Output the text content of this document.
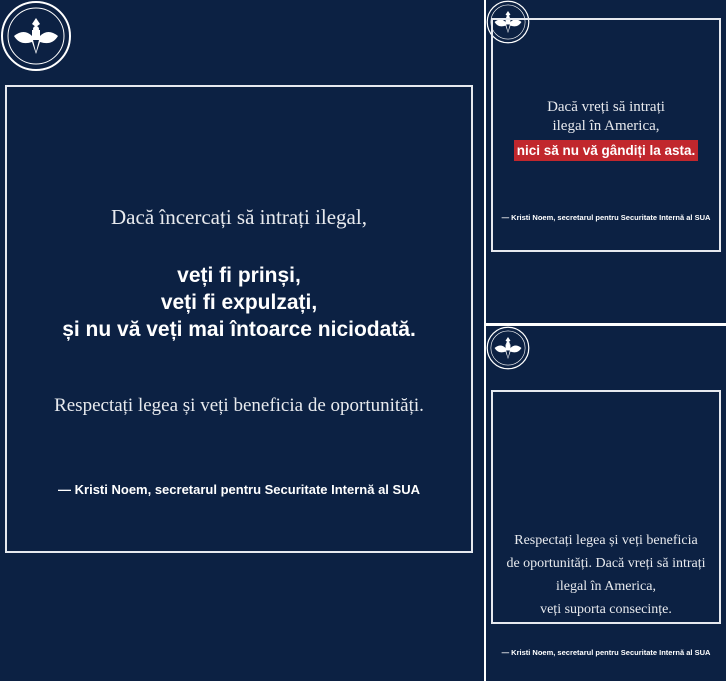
Dacă încercați să intrați ilegal,
veți fi prinși,
veți fi expulzați,
și nu vă veți mai întoarce niciodată.
Respectați legea și veți beneficia de oportunități.
— Kristi Noem, secretarul pentru Securitate Internă al SUA
Dacă vreți să intrați
ilegal în America,
nici să nu vă gândiți la asta.
— Kristi Noem, secretarul pentru Securitate Internă al SUA
Respectați legea și veți beneficia
de oportunități. Dacă vreți să intrați
ilegal în America,
veți suporta consecințe.
— Kristi Noem, secretarul pentru Securitate Internă al SUA
